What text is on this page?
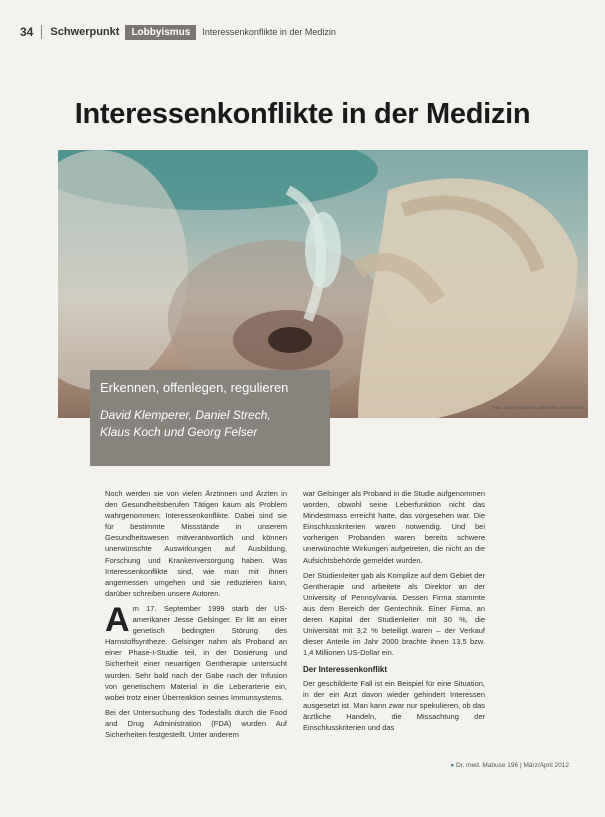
34	Schwerpunkt	Lobbyismus	Interessenkonflikte in der Medizin
Interessenkonflikte in der Medizin
Foto: Getty Images/F1online/Ron Kohl GmbH
Erkennen, offenlegen, regulieren
David Klemperer, Daniel Strech,
Klaus Koch und Georg Felser

Noch werden sie von vielen Ärztinnen und Ärzten in den Gesundheitsberufen Tätigen kaum als Problem wahrgenommen: Interessenkonflikte. Dabei sind sie für bestimmte Missstände in unserem Gesundheitswesen mitverantwortlich und können unerwünschte Auswirkungen auf Ausbildung, Forschung und Krankenversorgung haben. Was Interessenkonflikte sind, wie man mit ihnen angemessen umgehen und sie reduzieren kann, darüber schreiben unsere Autoren.

Am 17. September 1999 starb der US-amerikaner Jesse Gelsinger. Er litt an einer genetisch bedingten Störung des Harnstoffsyntheze. Gelsinger nahm als Proband an einer Phase-I-Studie teil, in der Dosierung und Sicherheit einer neuartigen Gentherapie untersucht wurden. Sehr bald nach der Gabe nach der Infusion von genetischem Material in die Leberarterie ein, wobei trotz einer Überreaktion seines Immunsystems.

Bei der Untersuchung des Todesfalls durch die Food and Drug Administration (FDA) wurden Auf Sicherheiten festgestellt. Unter anderem

war Gelsinger als Proband in die Studie aufgenommen worden, obwohl seine Leberfunktion nicht das Mindestmass erreicht hatte, das vorgesehen war. Die Einschlusskriterien waren notwendig. Und bei vorherigen Probanden waren bereits schwere unerwünschte Wirkungen aufgetreten, die nicht an die Aufsichtsbehörde gemeldet wurden.

Der Studienleiter gab als Komplize auf dem Gebiet der Gentherapie und arbeitete als Direktor an der University of Pennsylvania. Dessen Firma stammte aus dem Bereich der Gentechnik. Einer Firma, an deren Kapital der Studienleiter mit 30 %, die Universität mit 3,2 % beteiligt waren – der Verkauf dieser Anteile im Jahr 2000 brachte ihnen 13,5 bzw. 1,4 Millionen US-Dollar ein.

Der Interessenkonflikt

Der geschilderte Fall ist ein Beispiel für eine Situation, in der ein Arzt davon wieder gehindert Interessen ausgesetzt ist. Man kann zwar nur spekulieren, ob das ärztliche Handeln, die Missachtung der Einschlusskriterien und das

● Dr. med. Mabuse 196 | März/April 2012
